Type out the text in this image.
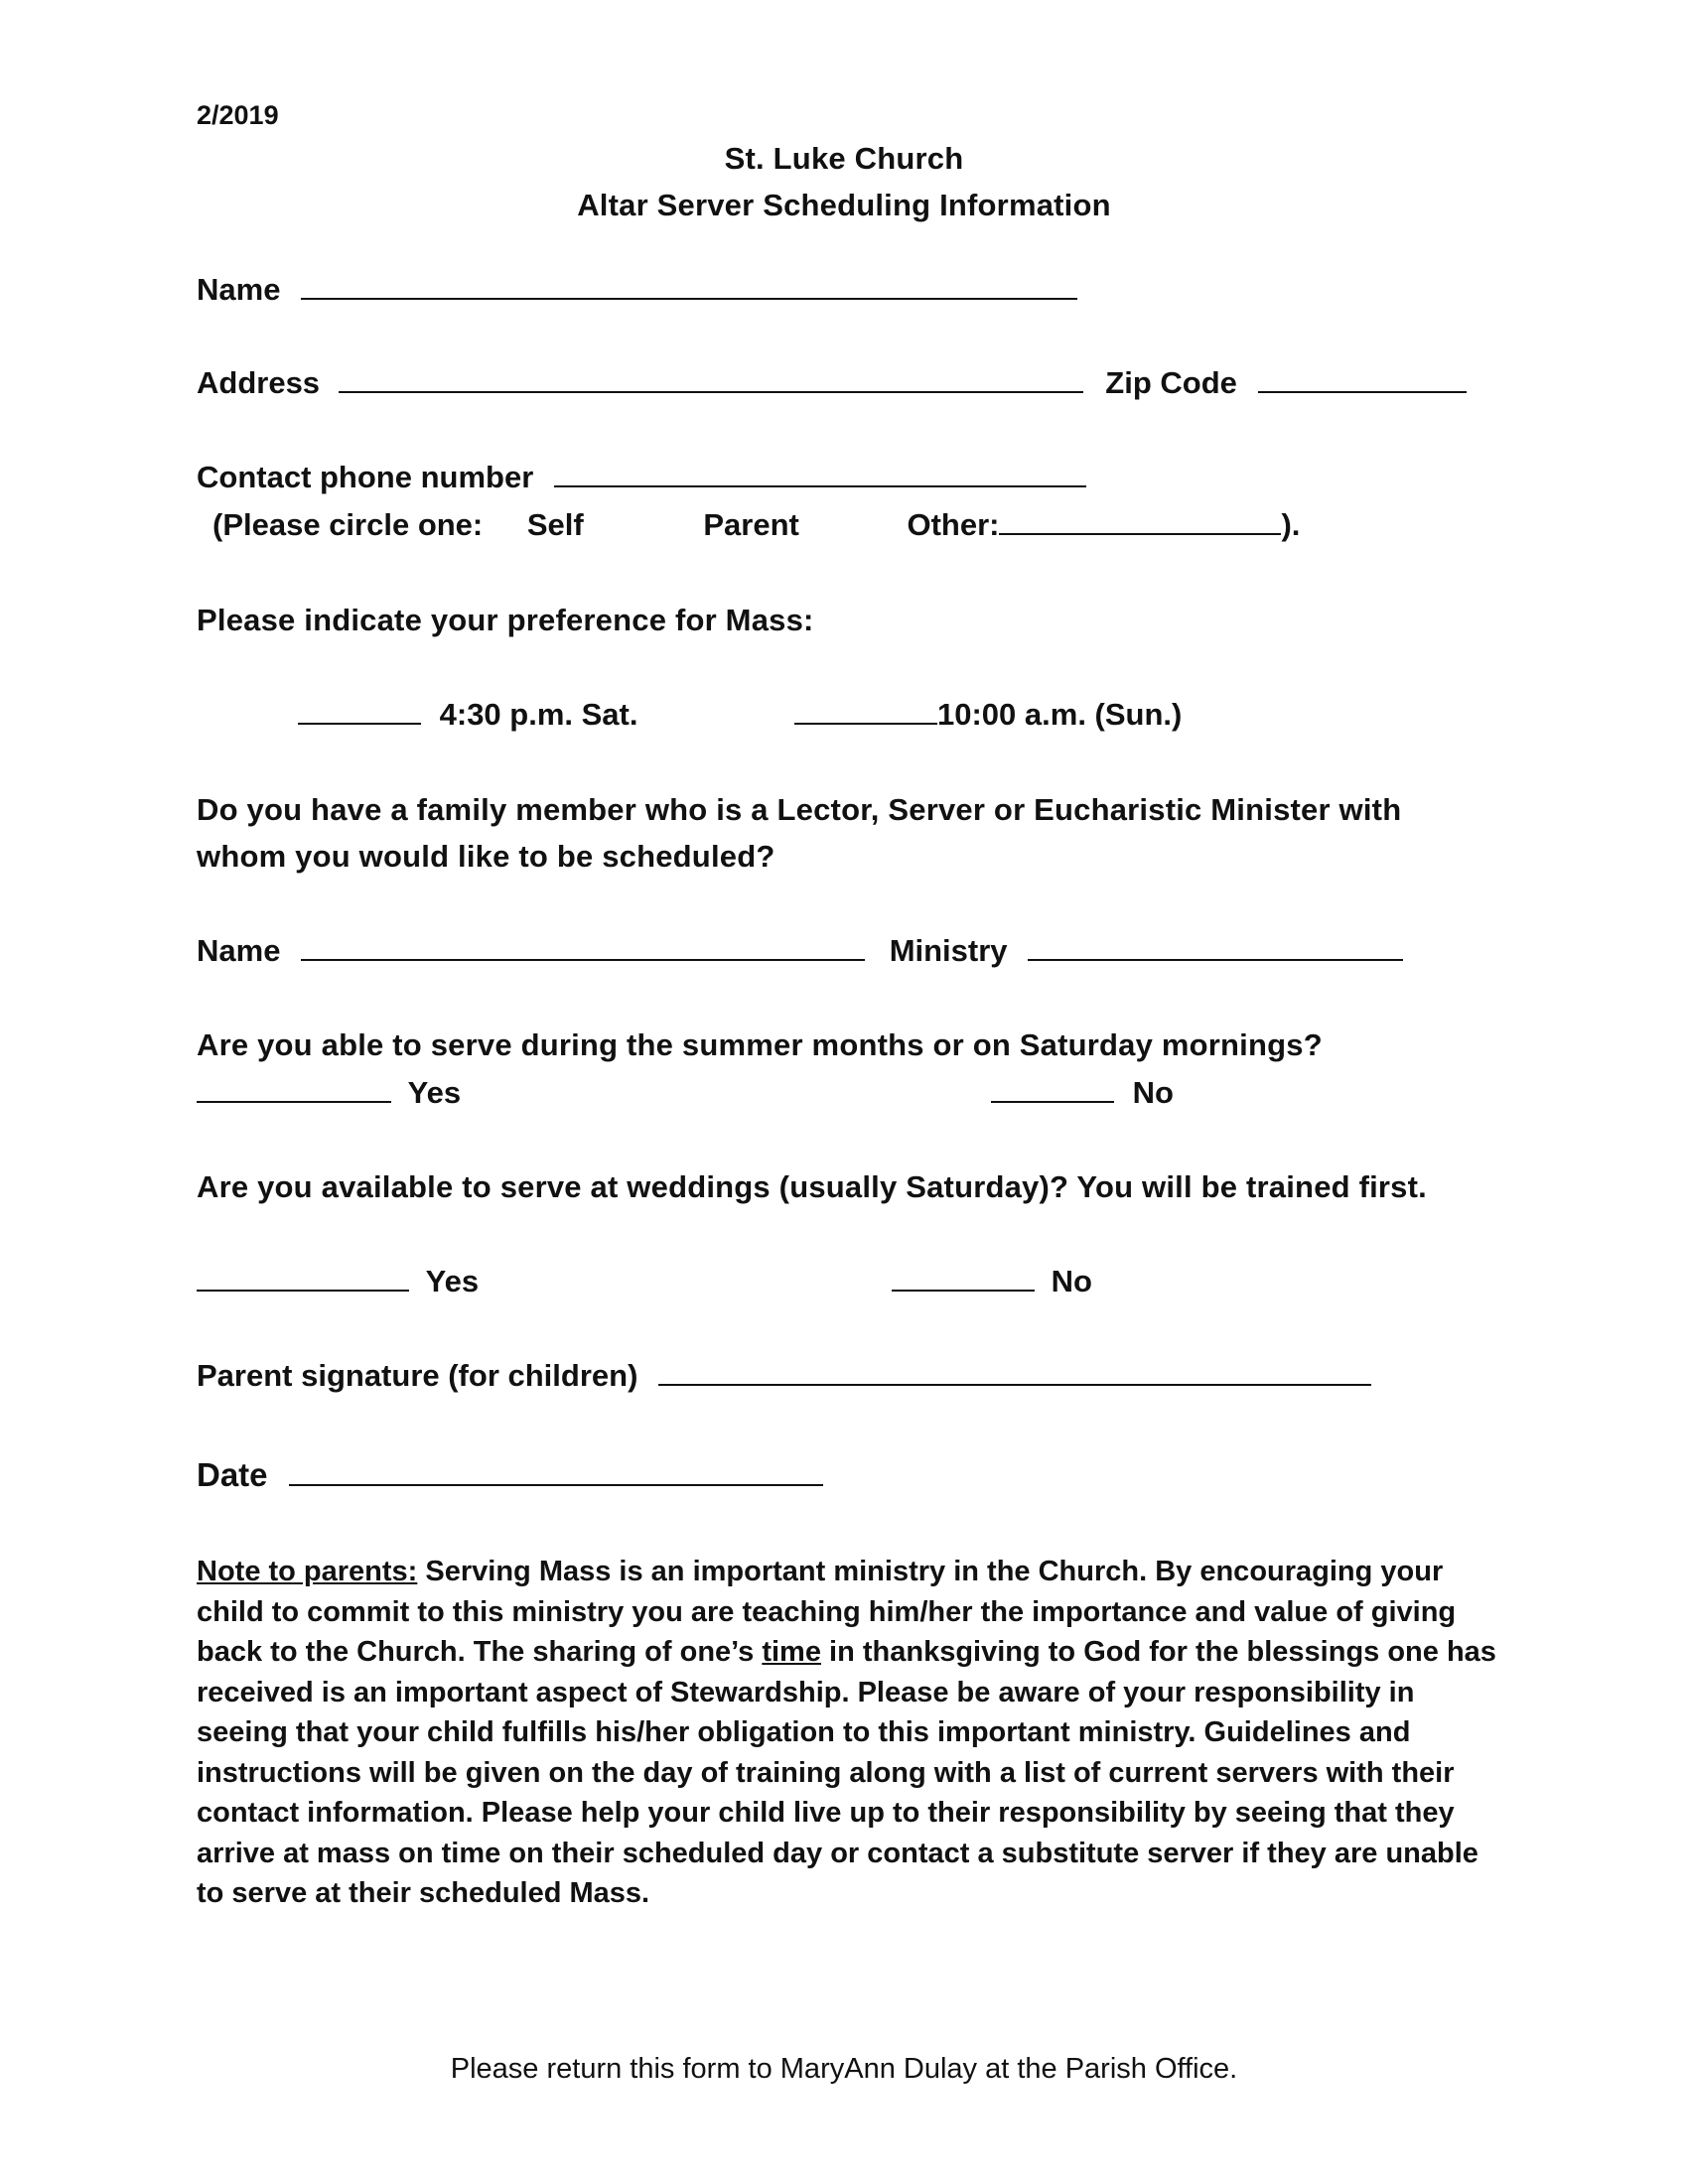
2/2019
St. Luke Church
Altar Server Scheduling Information
Name
Address	Zip Code
Contact phone number
(Please circle one: Self	Parent	Other:	).
Please indicate your preference for Mass:
4:30 p.m. Sat.	10:00 a.m. (Sun.)
Do you have a family member who is a Lector, Server or Eucharistic Minister with
whom you would like to be scheduled?
Name	Ministry
Are you able to serve during the summer months or on Saturday mornings?
Yes	No
Are you available to serve at weddings (usually Saturday)? You will be trained first.
Yes	No
Parent signature (for children)
Date
Note to parents: Serving Mass is an important ministry in the Church. By encouraging your child to commit to this ministry you are teaching him/her the importance and value of giving back to the Church. The sharing of one’s time in thanksgiving to God for the blessings one has received is an important aspect of Stewardship. Please be aware of your responsibility in seeing that your child fulfills his/her obligation to this important ministry. Guidelines and instructions will be given on the day of training along with a list of current servers with their contact information. Please help your child live up to their responsibility by seeing that they arrive at mass on time on their scheduled day or contact a substitute server if they are unable to serve at their scheduled Mass.
Please return this form to MaryAnn Dulay at the Parish Office.
